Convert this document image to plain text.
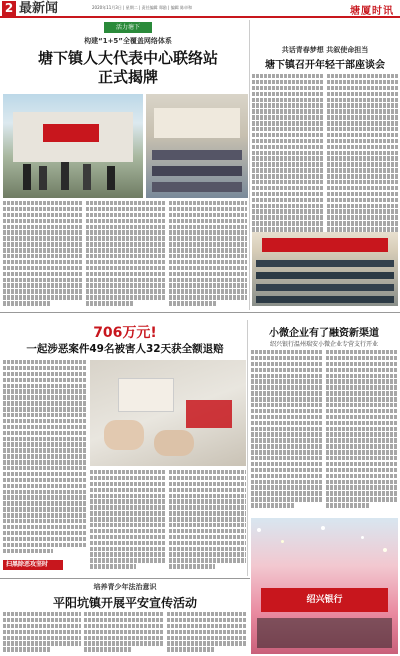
2 最新闻	2020年11月3日 | 星期二 | 责任编辑 郑励 | 编辑 陈卓和	塘厦时讯
活力塘下
构建“1+5”全覆盖网络体系
塘下镇人大代表中心联络站
正式揭牌
共话青春梦想 共叙使命担当
塘下镇召开年轻干部座谈会
706万元!
一起涉恶案件49名被害人32天获全额退赔
扫黑除恶攻坚时
小微企业有了融资新渠道
绍兴银行温州瑞安小微企业专营支行开业
绍兴银行
培养青少年法治意识
平阳坑镇开展平安宣传活动
